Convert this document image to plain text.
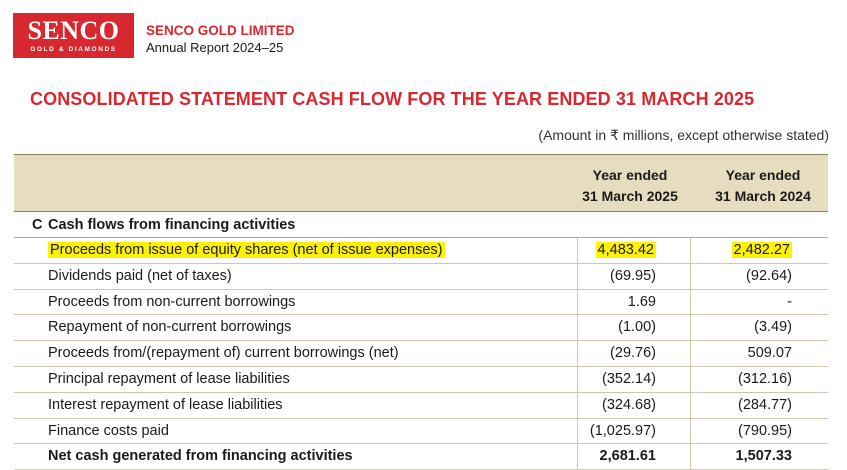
SENCO
GOLD & DIAMONDS
SENCO GOLD LIMITED
Annual Report 2024–25
CONSOLIDATED STATEMENT CASH FLOW FOR THE YEAR ENDED 31 MARCH 2025
(Amount in ₹ millions, except otherwise stated)
Year ended
31 March 2025
Year ended
31 March 2024
C Cash flows from financing activities
Proceeds from issue of equity shares (net of issue expenses)	4,483.42	2,482.27
Dividends paid (net of taxes)	(69.95)	(92.64)
Proceeds from non-current borrowings	1.69	-
Repayment of non-current borrowings	(1.00)	(3.49)
Proceeds from/(repayment of) current borrowings (net)	(29.76)	509.07
Principal repayment of lease liabilities	(352.14)	(312.16)
Interest repayment of lease liabilities	(324.68)	(284.77)
Finance costs paid	(1,025.97)	(790.95)
Net cash generated from financing activities	2,681.61	1,507.33
